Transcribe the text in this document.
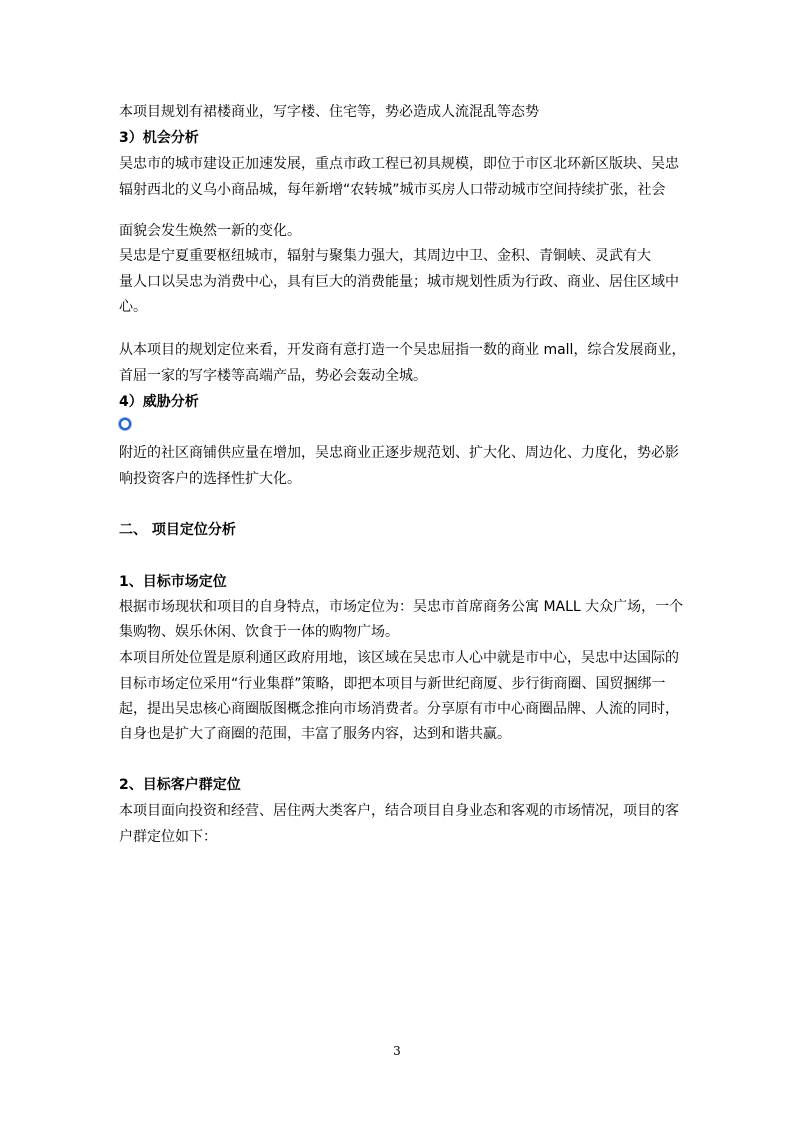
本项目规划有裙楼商业，写字楼、住宅等，势必造成人流混乱等态势
3）机会分析
吴忠市的城市建设正加速发展，重点市政工程已初具规模，即位于市区北环新区版块、吴忠
辐射西北的义乌小商品城，每年新增“农转城”城市买房人口带动城市空间持续扩张，社会
面貌会发生焕然一新的变化。
吴忠是宁夏重要枢纽城市，辐射与聚集力强大，其周边中卫、金积、青铜峡、灵武有大
量人口以吴忠为消费中心，具有巨大的消费能量；城市规划性质为行政、商业、居住区域中
心。
从本项目的规划定位来看，开发商有意打造一个吴忠屈指一数的商业 mall，综合发展商业，
首屈一家的写字楼等高端产品，势必会轰动全城。
4）威胁分析
附近的社区商铺供应量在增加，吴忠商业正逐步规范划、扩大化、周边化、力度化，势必影
响投资客户的选择性扩大化。
二、 项目定位分析
1、目标市场定位
根据市场现状和项目的自身特点，市场定位为：吴忠市首席商务公寓 MALL 大众广场，一个
集购物、娱乐休闲、饮食于一体的购物广场。
本项目所处位置是原利通区政府用地，该区域在吴忠市人心中就是市中心，吴忠中达国际的
目标市场定位采用“行业集群”策略，即把本项目与新世纪商厦、步行街商圈、国贸捆绑一
起，提出吴忠核心商圈版图概念推向市场消费者。分享原有市中心商圈品牌、人流的同时，
自身也是扩大了商圈的范围，丰富了服务内容，达到和谐共赢。
2、目标客户群定位
本项目面向投资和经营、居住两大类客户，结合项目自身业态和客观的市场情况，项目的客
户群定位如下：
3
